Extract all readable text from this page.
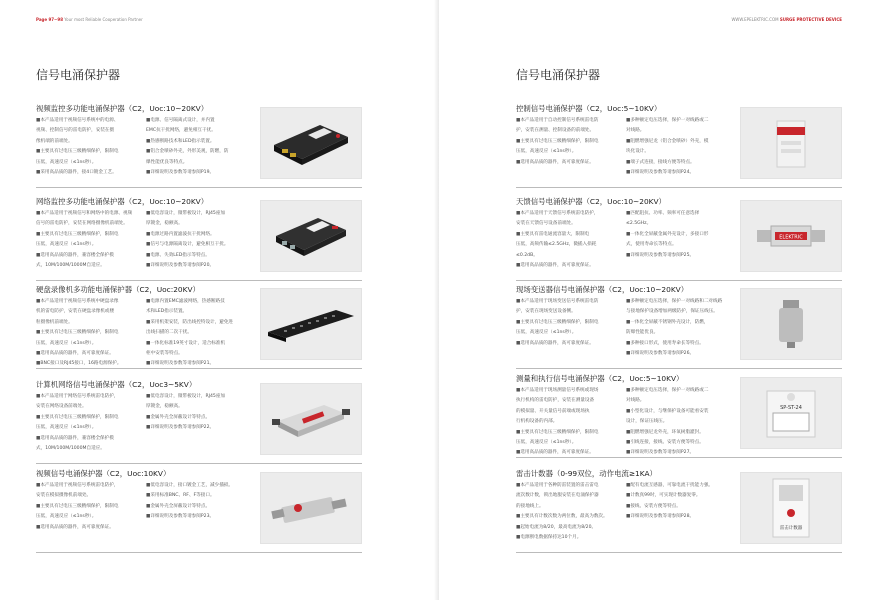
Page 97~98 Your most Reliable Cooperation Partner
信号电涌保护器
视频监控多功能电涌保护器（C2，Uoc:10~20KV）
■本产品适用于视频信号系统中的电源、
视频、控制信号的雷电防护，安装在摄
像机端的前端处。
■主要具有过电压三级精细保护，限制电
压低，高速反应（≤1ns秒）。
■采用高品质的器件，接4口镀金工艺。
■电源、信号隔离式设计，并内置
EMC抗干扰网络，避免相互干扰。
■热感断路技术和LED指示装置。
■铝合金喷砂外壳，外形美观，防燃，防
爆性能优良等特点。
■详细说明及参数等请参阅P19。
网络监控多功能电涌保护器（C2，Uoc:10~20KV）
■本产品适用于视频信号和网络中的电源、视频
信号的雷电防护，安装在网络摄像机前端处。
■主要具有过电压三级精细保护，限制电
压低，高速反应（≤1ns秒）。
■选用高品质的器件，兼容楼全保护模
式，10M/100M/1000M自适应。
■低电容设计，微带板设计，RJ45座加
厚镀金，稳额高。
■电源过路内置滤波抗干扰网络。
■信号与电源隔离设计，避免相互干扰。
■电源、失效LED指示等特点。
■详细说明及参数等请参阅P20。
硬盘录像机多功能电涌保护器（C2，Uoc:20KV）
■本产品适用于视频信号系统中硬盘录像
机的雷电防护，安装在硬盘录像机或楼
粒摄像机前端处。
■主要具有过电压三级精细保护，限制电
压低，高速反应（≤1ns秒）。
■选用高品质的器件，高可靠度保证。
■BNC接口及RJ45接口，16路电源保护。
■电源内置EMC滤波网络，热感断路技
术和LED指示装置。
■采用机架安装，防出线控特设计，避免进
出线扫描的二次干扰。
■一体化标准19英寸设计，适合标准机
柜中安装等特点。
■详细说明及参数等请参阅P21。
计算机网络信号电涌保护器（C2，Uoc3~5KV）
■本产品适用于网络信号系统雷电防护，
安装在网络设备前端处。
■主要具有过电压三级精细保护，限制电
压低，高速反应（≤1ns秒）。
■选用高品质的器件，兼容楼全保护模
式，10M/100M/1000M自适应。
■低电容设计，微带板设计，RJ45座加
厚镀金，稳额高。
■金属外壳全屏蔽设计等特点。
■详细说明及参数等请参阅P22。
视频信号电涌保护器（C2，Uoc:10KV）
■本产品适用于视频信号系统雷电防护，
安装在模拟摄像机前端处。
■主要具有过电压三级精细保护，限制电
压低，高速反应（≤1ns秒）。
■选用高品质的器件，高可靠度保证。
■低电容设计，接口镀金工艺，减少插损。
■采用标准BNC、RF、F等接口。
■金属外壳全屏蔽设计等特点。
■详细说明及参数等请参阅P23。
WWW.EPELEKTRIC.COM SURGE PROTECTIVE DEVICE
信号电涌保护器
控制信号电涌保护器（C2，Uoc:5~10KV）
■本产品适用于自动控制信号系统雷电防
护，安装在测量、控制设备的前端处。
■主要具有过电压三级精细保护，限制电
压低，高速反应（≤1ns秒）。
■选用高品质的器件，高可靠度保证。
■多种额定电压选择，保护一对线路或二
对线路。
■阻燃增强尼龙（铝合金喷砂）外壳，模
块化设计。
■端子式连接，接线方便等特点。
■详细说明及参数等请参阅P24。
天馈信号电涌保护器（C2，Uoc:10~20KV）
■本产品适用于天馈信号系统雷电防护，
安装在天馈信号设备前端处。
■主要具有雷电通流容量大，限制电
压低，高频传输≤2.5GHz，微插入损耗
≤0.2dB。
■选用高品质的器件，高可靠度保证。
■匹配阻抗、功率、频率可任意选择
≤2.5GHz。
■一体化全屏蔽金属外壳设计，多接口形
式，使用寿命长等特点。
■详细说明及参数等请参阅P25。
ELEKTRIC
现场变送器信号电涌保护器（C2，Uoc:10~20KV）
■本产品适用于现场变送信号系统雷电防
护，安装在现场变送设备侧。
■主要具有过电压三级精细保护，限制电
压低，高速反应（≤1ns秒）。
■选用高品质的器件，高可靠度保证。
■多种额定电压选择，保护一对线路和二对线路
与接地保护设备增加两级防护，保证压线压。
■一体化全屏蔽不锈钢外壳设计，防燃，
防爆性能优良。
■多种接口形式，使用寿命长等特点。
■详细说明及参数等请参阅P26。
测量和执行信号电涌保护器（C2，Uoc:5~10KV）
■本产品适用于现场测量信号系统或现场
执行机构的雷电防护，安装在测量设备
的模拟量、开关量信号前端或现场执
行机构设备的内部。
■主要具有过电压三级精细保护，限制电
压低，高速反应（≤1ns秒）。
■选用高品质的器件，高可靠度保证。
■多种额定电压选择，保护一对线路或二
对线路。
■小型化设计，与继保护设备可能看安装
设计，保证压线压。
■阻燃增强尼龙外壳，环氧树脂灌封。
■引线连接，接线、安装方便等特点。
■详细说明及参数等请参阅P27。
SP-ST-24
雷击计数器（0-99双位，动作电流≥1KA）
■本产品适用于各种防雷装置的雷击雷电
流次数计数，锁出地服安装在电涌保护器
的接地线上。
■主要具有计数次数为两位数，最高为数次。
■起始电流为8/20，最高电流为8/20。
■电源断电数据保持达10个月。
■配有电流互感器，可靠电流干扰能力强。
■计数真99时，可实现计数器复零。
■接线、安装方便等特点。
■详细说明及参数等请参阅P28。
雷击计数器
